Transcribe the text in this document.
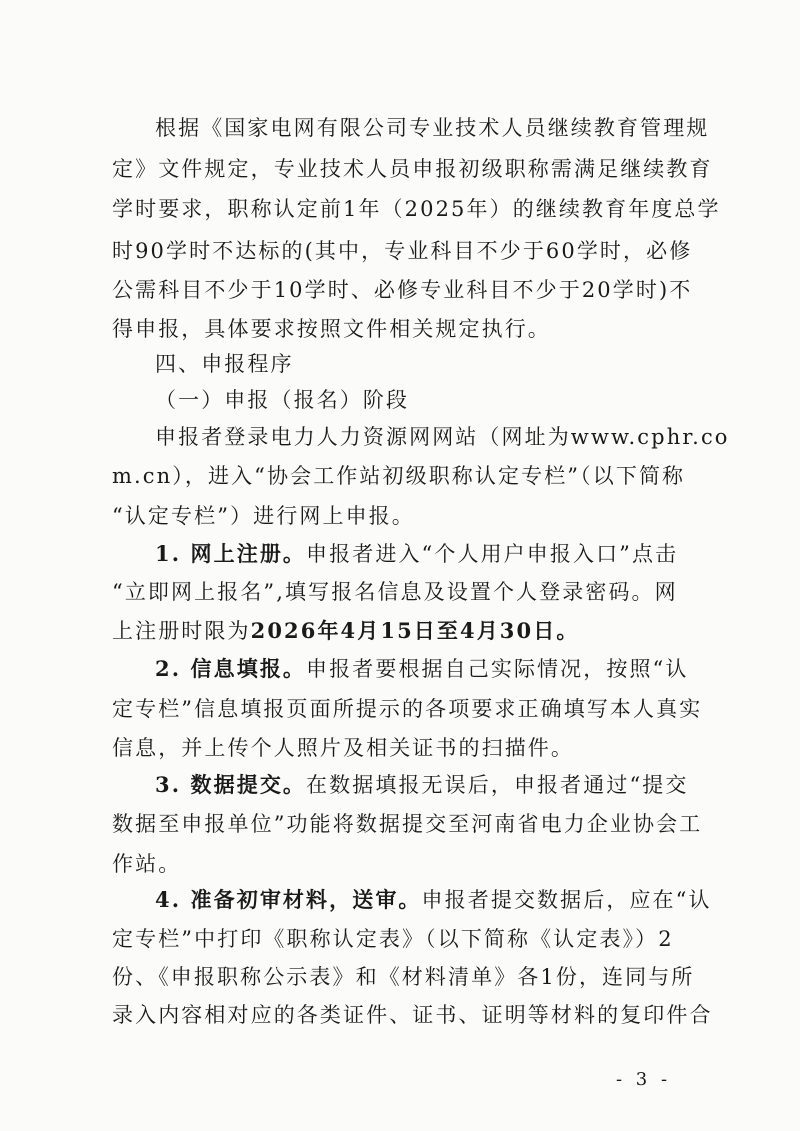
根据《国家电网有限公司专业技术人员继续教育管理规
定》文件规定，专业技术人员申报初级职称需满足继续教育
学时要求，职称认定前1年（2025年）的继续教育年度总学
时90学时不达标的(其中，专业科目不少于60学时，必修
公需科目不少于10学时、必修专业科目不少于20学时)不
得申报，具体要求按照文件相关规定执行。
四、申报程序
（一）申报（报名）阶段
申报者登录电力人力资源网网站（网址为www.cphr.co
m.cn），进入“协会工作站初级职称认定专栏”（以下简称
“认定专栏”）进行网上申报。
1. 网上注册。申报者进入“个人用户申报入口”点击
“立即网上报名”,填写报名信息及设置个人登录密码。网
上注册时限为2026年4月15日至4月30日。
2. 信息填报。申报者要根据自己实际情况，按照“认
定专栏”信息填报页面所提示的各项要求正确填写本人真实
信息，并上传个人照片及相关证书的扫描件。
3. 数据提交。在数据填报无误后，申报者通过“提交
数据至申报单位”功能将数据提交至河南省电力企业协会工
作站。
4. 准备初审材料，送审。申报者提交数据后，应在“认
定专栏”中打印《职称认定表》（以下简称《认定表》）2
份、《申报职称公示表》和《材料清单》各1份，连同与所
录入内容相对应的各类证件、证书、证明等材料的复印件合
- 3 -
